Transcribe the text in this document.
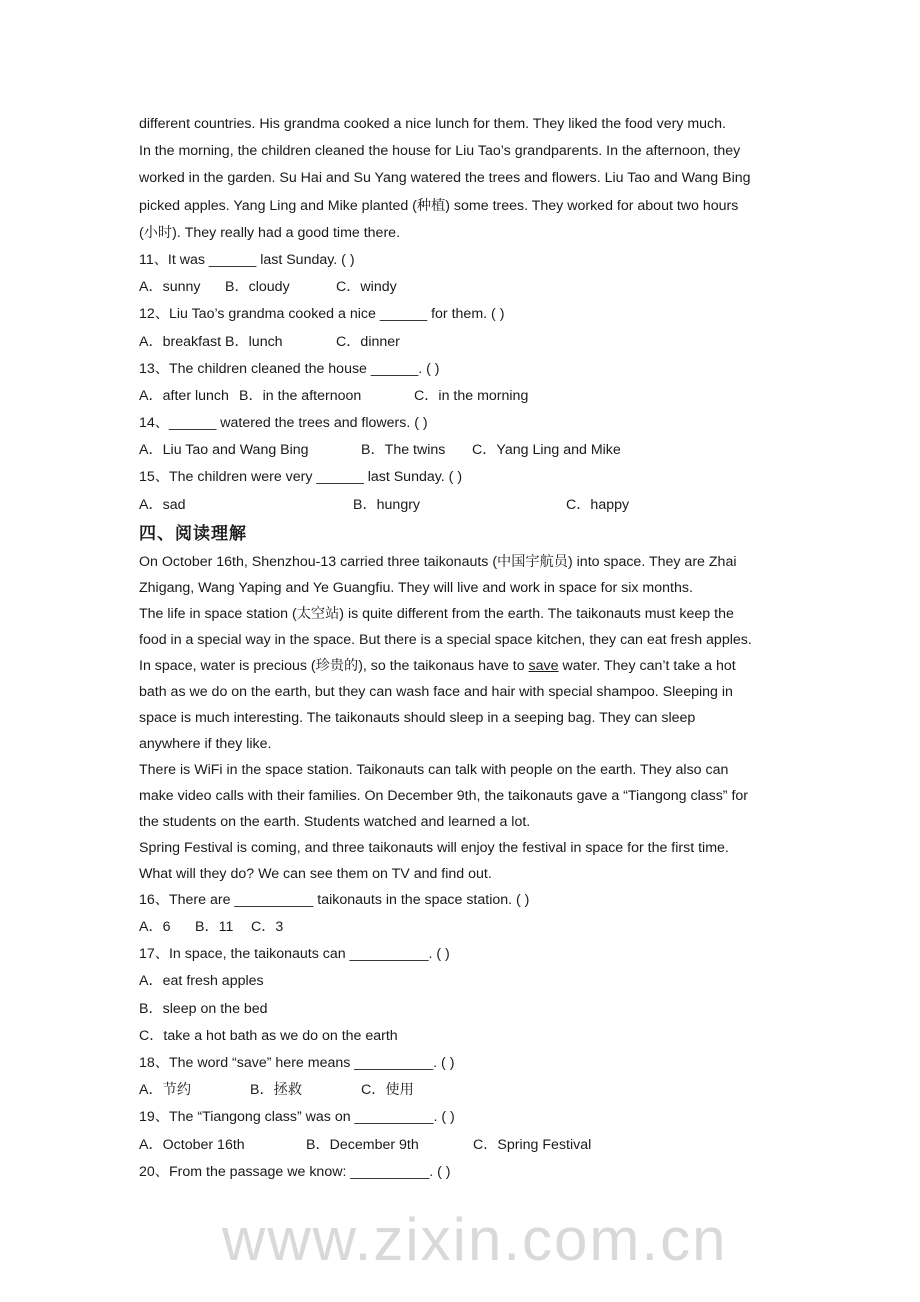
www.zixin.com.cn
different countries. His grandma cooked a nice lunch for them. They liked the food very much.
In the morning, the children cleaned the house for Liu Tao’s grandparents. In the afternoon, they
worked in the garden. Su Hai and Su Yang watered the trees and flowers. Liu Tao and Wang Bing
picked apples. Yang Ling and Mike planted (种植) some trees. They worked for about two hours
(小时). They really had a good time there.
11、It was ______ last Sunday. ( )
A．sunny	B．cloudy	C．windy
12、Liu Tao’s grandma cooked a nice ______ for them. ( )
A．breakfast B．lunch	C．dinner
13、The children cleaned the house ______. ( )
A．after lunch B．in the afternoon	C．in the morning
14、______ watered the trees and flowers. ( )
A．Liu Tao and Wang Bing	B．The twins	C．Yang Ling and Mike
15、The children were very ______ last Sunday. ( )
A．sad	B．hungry	C．happy
四、阅读理解
On October 16th, Shenzhou-13 carried three taikonauts (中国宇航员) into space. They are Zhai
Zhigang, Wang Yaping and Ye Guangfiu. They will live and work in space for six months.
The life in space station (太空站) is quite different from the earth. The taikonauts must keep the
food in a special way in the space. But there is a special space kitchen, they can eat fresh apples.
In space, water is precious (珍贵的), so the taikonaus have to save water. They can’t take a hot
bath as we do on the earth, but they can wash face and hair with special shampoo. Sleeping in
space is much interesting. The taikonauts should sleep in a seeping bag. They can sleep
anywhere if they like.
There is WiFi in the space station. Taikonauts can talk with people on the earth. They also can
make video calls with their families. On December 9th, the taikonauts gave a “Tiangong class” for
the students on the earth. Students watched and learned a lot.
Spring Festival is coming, and three taikonauts will enjoy the festival in space for the first time.
What will they do? We can see them on TV and find out.
16、There are __________ taikonauts in the space station. ( )
A．6	B．11	C．3
17、In space, the taikonauts can __________. ( )
A．eat fresh apples
B．sleep on the bed
C．take a hot bath as we do on the earth
18、The word “save” here means __________. ( )
A．节约	B．拯救	C．使用
19、The “Tiangong class” was on __________. ( )
A．October 16th	B．December 9th	C．Spring Festival
20、From the passage we know: __________. ( )
